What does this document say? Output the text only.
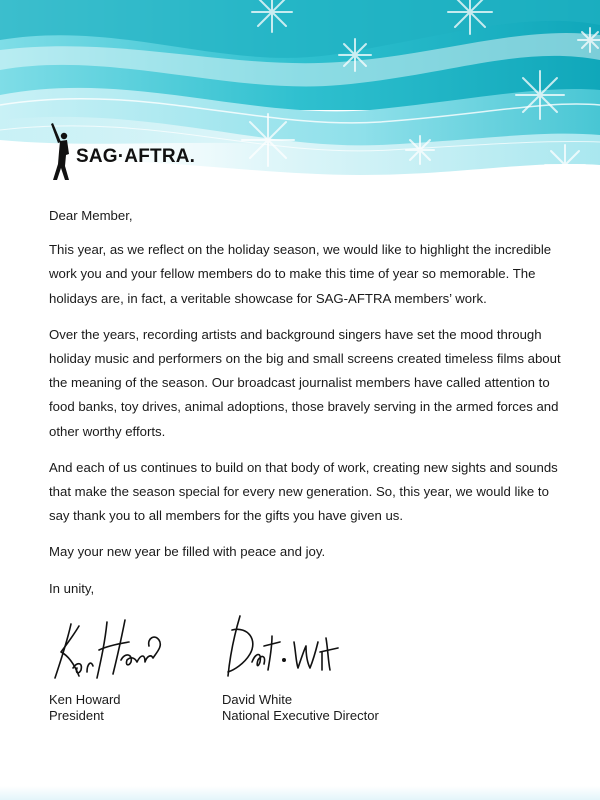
SAG·AFTRA.

Dear Member,

This year, as we reflect on the holiday season, we would like to highlight the incredible work you and your fellow members do to make this time of year so memorable. The holidays are, in fact, a veritable showcase for SAG-AFTRA members’ work.

Over the years, recording artists and background singers have set the mood through holiday music and performers on the big and small screens created timeless films about the meaning of the season. Our broadcast journalist members have called attention to food banks, toy drives, animal adoptions, those bravely serving in the armed forces and other worthy efforts.

And each of us continues to build on that body of work, creating new sights and sounds that make the season special for every new generation. So, this year, we would like to say thank you to all members for the gifts you have given us.

May your new year be filled with peace and joy.

In unity,

Ken Howard
President
David White
National Executive Director
